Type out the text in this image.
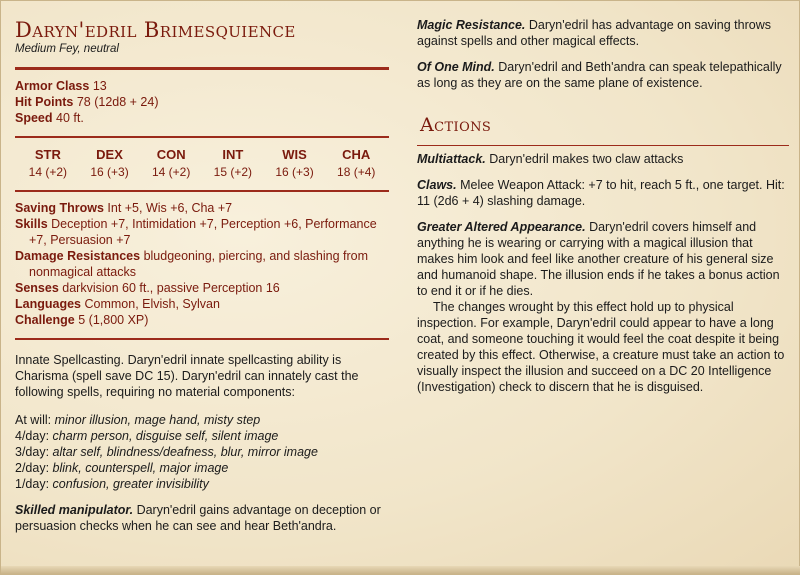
Daryn'edril Brimesquience
Medium Fey, neutral

Armor Class 13

Hit Points 78 (12d8 + 24)

Speed 40 ft.

STR
14 (+2)
DEX
16 (+3)
CON
14 (+2)
INT
15 (+2)
WIS
16 (+3)
CHA
18 (+4)

Saving Throws Int +5, Wis +6, Cha +7

Skills Deception +7, Intimidation +7, Perception +6, Performance +7, Persuasion +7

Damage Resistances bludgeoning, piercing, and slashing from nonmagical attacks

Senses darkvision 60 ft., passive Perception 16

Languages Common, Elvish, Sylvan

Challenge 5 (1,800 XP)

Innate Spellcasting. Daryn'edril innate spellcasting ability is Charisma (spell save DC 15). Daryn'edril can innately cast the following spells, requiring no material components:

At will: minor illusion, mage hand, misty step
4/day: charm person, disguise self, silent image
3/day: altar self, blindness/deafness, blur, mirror image
2/day: blink, counterspell, major image
1/day: confusion, greater invisibility

Skilled manipulator. Daryn'edril gains advantage on deception or persuasion checks when he can see and hear Beth'andra.

Magic Resistance. Daryn'edril has advantage on saving throws against spells and other magical effects.

Of One Mind. Daryn'edril and Beth'andra can speak telepathically as long as they are on the same plane of existence.

Actions

Multiattack. Daryn'edril makes two claw attacks

Claws. Melee Weapon Attack: +7 to hit, reach 5 ft., one target. Hit: 11 (2d6 + 4) slashing damage.

Greater Altered Appearance. Daryn'edril covers himself and anything he is wearing or carrying with a magical illusion that makes him look and feel like another creature of his general size and humanoid shape. The illusion ends if he takes a bonus action to end it or if he dies.

The changes wrought by this effect hold up to physical inspection. For example, Daryn'edril could appear to have a long coat, and someone touching it would feel the coat despite it being created by this effect. Otherwise, a creature must take an action to visually inspect the illusion and succeed on a DC 20 Intelligence (Investigation) check to discern that he is disguised.
